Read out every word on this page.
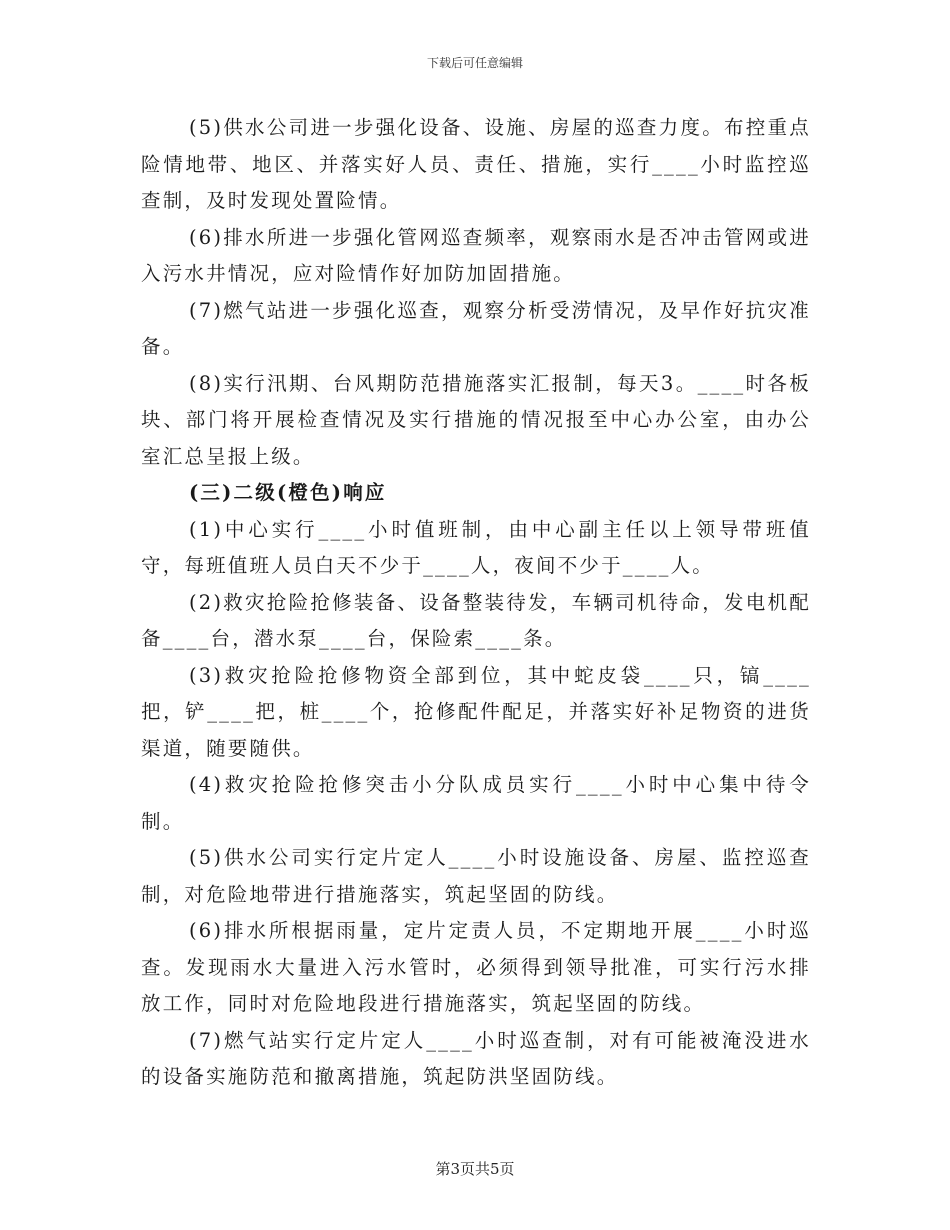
下载后可任意编辑

(5)供水公司进一步强化设备、设施、房屋的巡查力度。布控重点险情地带、地区、并落实好人员、责任、措施，实行____小时监控巡查制，及时发现处置险情。

(6)排水所进一步强化管网巡查频率，观察雨水是否冲击管网或进入污水井情况，应对险情作好加防加固措施。

(7)燃气站进一步强化巡查，观察分析受涝情况，及早作好抗灾准备。

(8)实行汛期、台风期防范措施落实汇报制，每天3。____时各板块、部门将开展检查情况及实行措施的情况报至中心办公室，由办公室汇总呈报上级。

(三)二级(橙色)响应

(1)中心实行____小时值班制，由中心副主任以上领导带班值守，每班值班人员白天不少于____人，夜间不少于____人。

(2)救灾抢险抢修装备、设备整装待发，车辆司机待命，发电机配备____台，潜水泵____台，保险索____条。

(3)救灾抢险抢修物资全部到位，其中蛇皮袋____只，镐____把，铲____把，桩____个，抢修配件配足，并落实好补足物资的进货渠道，随要随供。

(4)救灾抢险抢修突击小分队成员实行____小时中心集中待令制。

(5)供水公司实行定片定人____小时设施设备、房屋、监控巡查制，对危险地带进行措施落实，筑起坚固的防线。

(6)排水所根据雨量，定片定责人员，不定期地开展____小时巡查。发现雨水大量进入污水管时，必须得到领导批准，可实行污水排放工作，同时对危险地段进行措施落实，筑起坚固的防线。

(7)燃气站实行定片定人____小时巡查制，对有可能被淹没进水的设备实施防范和撤离措施，筑起防洪坚固防线。

第3页共5页
